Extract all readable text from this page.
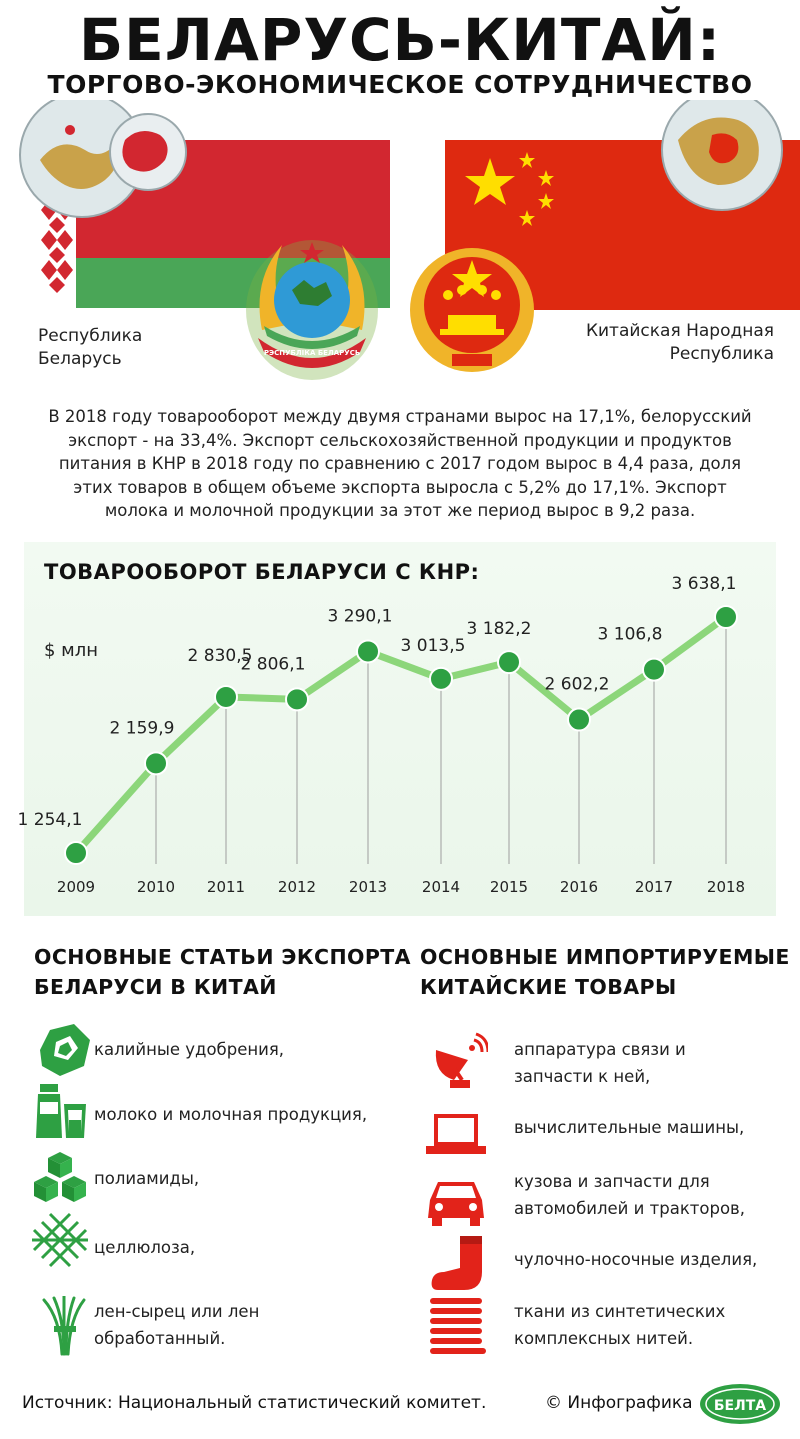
БЕЛАРУСЬ-КИТАЙ:
ТОРГОВО-ЭКОНОМИЧЕСКОЕ СОТРУДНИЧЕСТВО
РЭСПУБЛІКА БЕЛАРУСЬ
Республика
Беларусь
Китайская Народная
Республика
В 2018 году товарооборот между двумя странами вырос на 17,1%, белорусский
экспорт - на 33,4%. Экспорт сельскохозяйственной продукции и продуктов
питания в КНР в 2018 году по сравнению с 2017 годом вырос в 4,4 раза, доля
этих товаров в общем объеме экспорта выросла с 5,2% до 17,1%. Экспорт
молока и молочной продукции за этот же период вырос в 9,2 раза.
ТОВАРООБОРОТ БЕЛАРУСИ С КНР:
$ млн
1 254,1
2009
2 159,9
2010
2 830,5
2011
2 806,1
2012
3 290,1
2013
3 013,5
2014
3 182,2
2015
2 602,2
2016
3 106,8
2017
3 638,1
2018
ОСНОВНЫЕ СТАТЬИ ЭКСПОРТА
БЕЛАРУСИ В КИТАЙ
калийные удобрения,
молоко и молочная продукция,
полиамиды,
целлюлоза,
лен-сырец или лен
обработанный.
ОСНОВНЫЕ ИМПОРТИРУЕМЫЕ
КИТАЙСКИЕ ТОВАРЫ
аппаратура связи и
запчасти к ней,
вычислительные машины,
кузова и запчасти для
автомобилей и тракторов,
чулочно-носочные изделия,
ткани из синтетических
комплексных нитей.
Источник: Национальный статистический комитет.	© Инфографика БЕЛТА
